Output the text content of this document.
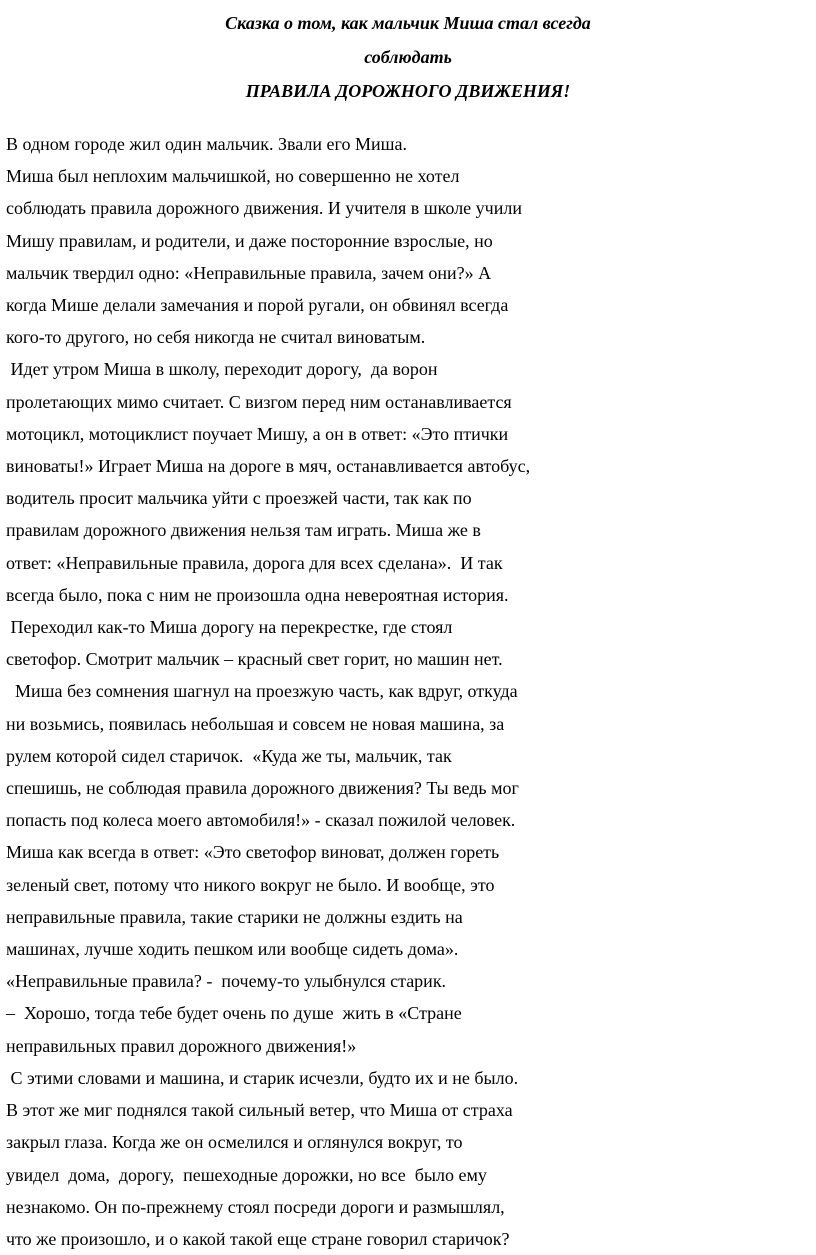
Сказка о том, как мальчик Миша стал всегда
соблюдать
ПРАВИЛА ДОРОЖНОГО ДВИЖЕНИЯ!
В одном городе жил один мальчик. Звали его Миша.
Миша был неплохим мальчишкой, но совершенно не хотел
соблюдать правила дорожного движения. И учителя в школе учили
Мишу правилам, и родители, и даже посторонние взрослые, но
мальчик твердил одно: «Неправильные правила, зачем они?» А
когда Мише делали замечания и порой ругали, он обвинял всегда
кого-то другого, но себя никогда не считал виноватым.
Идет утром Миша в школу, переходит дорогу,  да ворон
пролетающих мимо считает. С визгом перед ним останавливается
мотоцикл, мотоциклист поучает Мишу, а он в ответ: «Это птички
виноваты!» Играет Миша на дороге в мяч, останавливается автобус,
водитель просит мальчика уйти с проезжей части, так как по
правилам дорожного движения нельзя там играть. Миша же в
ответ: «Неправильные правила, дорога для всех сделана».  И так
всегда было, пока с ним не произошла одна невероятная история.
Переходил как-то Миша дорогу на перекрестке, где стоял
светофор. Смотрит мальчик – красный свет горит, но машин нет.
Миша без сомнения шагнул на проезжую часть, как вдруг, откуда
ни возьмись, появилась небольшая и совсем не новая машина, за
рулем которой сидел старичок.  «Куда же ты, мальчик, так
спешишь, не соблюдая правила дорожного движения? Ты ведь мог
попасть под колеса моего автомобиля!» - сказал пожилой человек.
Миша как всегда в ответ: «Это светофор виноват, должен гореть
зеленый свет, потому что никого вокруг не было. И вообще, это
неправильные правила, такие старики не должны ездить на
машинах, лучше ходить пешком или вообще сидеть дома».
«Неправильные правила? -  почему-то улыбнулся старик.
–  Хорошо, тогда тебе будет очень по душе  жить в «Стране
неправильных правил дорожного движения!»
С этими словами и машина, и старик исчезли, будто их и не было.
В этот же миг поднялся такой сильный ветер, что Миша от страха
закрыл глаза. Когда же он осмелился и оглянулся вокруг, то
увидел  дома,  дорогу,  пешеходные дорожки, но все  было ему
незнакомо. Он по-прежнему стоял посреди дороги и размышлял,
что же произошло, и о какой такой еще стране говорил старичок?
